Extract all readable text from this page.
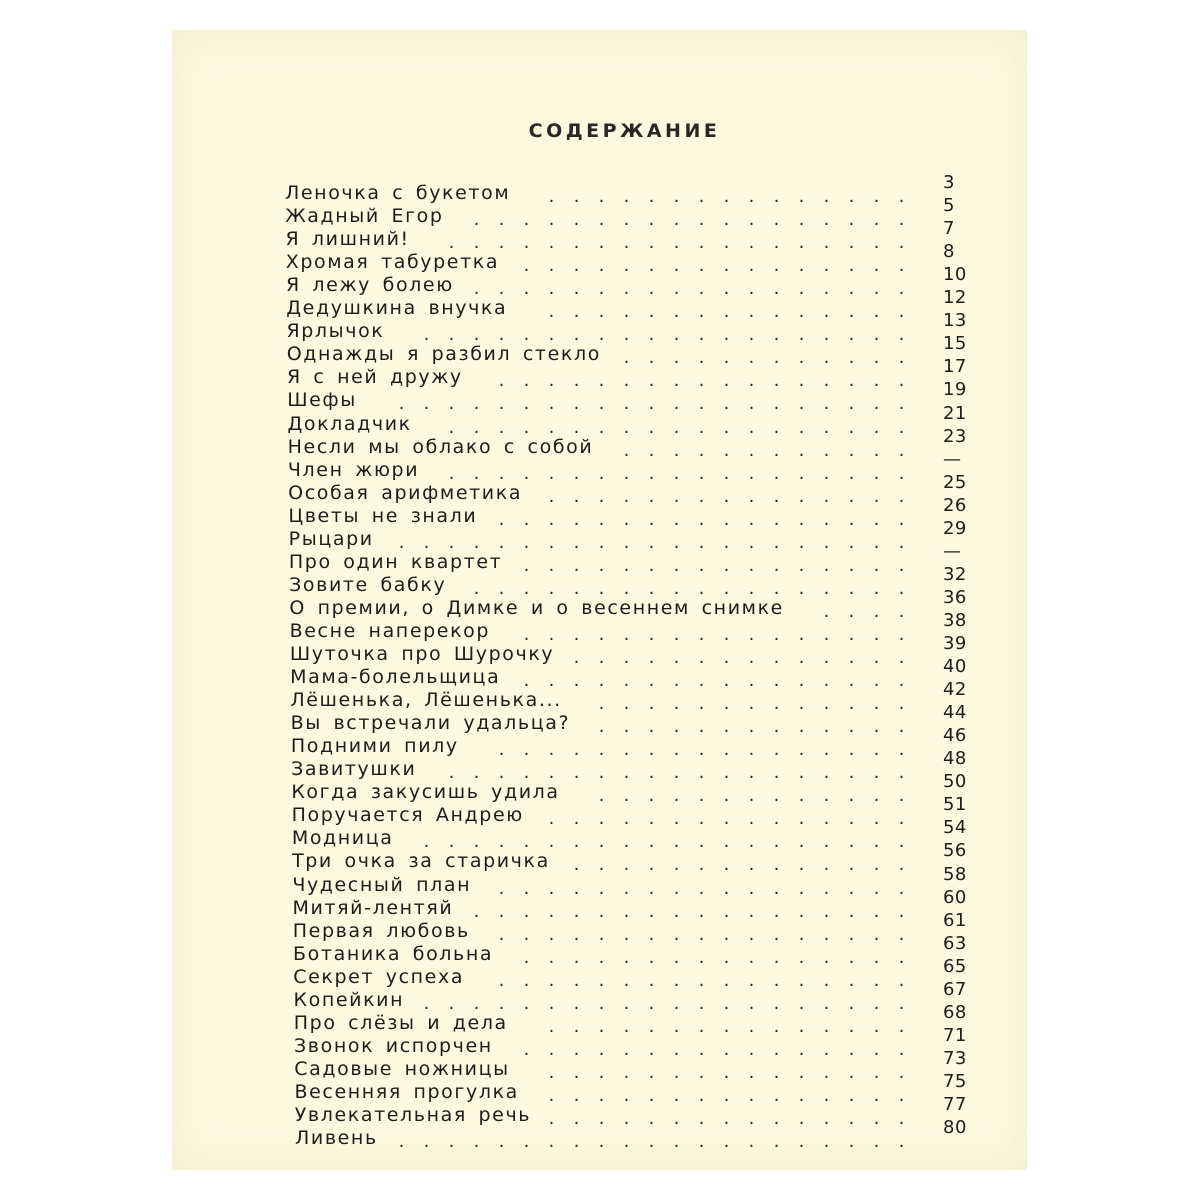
СОДЕРЖАНИЕ
Леночка с букетом	. . . . . . . . . . . . . . .
3
Жадный Егор	. . . . . . . . . . . . . . . . . .
5
Я лишний!	. . . . . . . . . . . . . . . . . . .
7
Хромая табуретка	. . . . . . . . . . . . . . . .
8
Я лежу болею	. . . . . . . . . . . . . . . . . .
10
Дедушкина внучка	. . . . . . . . . . . . . . .
12
Ярлычок	. . . . . . . . . . . . . . . . . . . .
13
Однажды я разбил стекло	. . . . . . . . . . . .
15
Я с ней дружу	. . . . . . . . . . . . . . . . .
17
Шефы	. . . . . . . . . . . . . . . . . . . . .
19
Докладчик	. . . . . . . . . . . . . . . . . . .
21
Несли мы облако с собой	. . . . . . . . . . . .
23
Член жюри	. . . . . . . . . . . . . . . . . . .
—
Особая арифметика	. . . . . . . . . . . . . . .
25
Цветы не знали	. . . . . . . . . . . . . . . . .
26
Рыцари	. . . . . . . . . . . . . . . . . . . . .
29
Про один квартет	. . . . . . . . . . . . . . . .
—
Зовите бабку	. . . . . . . . . . . . . . . . . .
32
О премии, о Димке и о весеннем снимке	. . . .
36
Весне наперекор	. . . . . . . . . . . . . . . .
38
Шуточка про Шурочку	. . . . . . . . . . . . . .
39
Мама-болельщица	. . . . . . . . . . . . . . . .
40
Лёшенька, Лёшенька...	. . . . . . . . . . . . .
42
Вы встречали удальца?	. . . . . . . . . . . . .
44
Подними пилу	. . . . . . . . . . . . . . . . .
46
Завитушки	. . . . . . . . . . . . . . . . . . .
48
Когда закусишь удила	. . . . . . . . . . . . .
50
Поручается Андрею	. . . . . . . . . . . . . . .
51
Модница	. . . . . . . . . . . . . . . . . . . .
54
Три очка за старичка	. . . . . . . . . . . . . .
56
Чудесный план	. . . . . . . . . . . . . . . . .
58
Митяй-лентяй	. . . . . . . . . . . . . . . . . .
60
Первая любовь	. . . . . . . . . . . . . . . . .
61
Ботаника больна	. . . . . . . . . . . . . . . .
63
Секрет успеха	. . . . . . . . . . . . . . . . .
65
Копейкин	. . . . . . . . . . . . . . . . . . . .
67
Про слёзы и дела	. . . . . . . . . . . . . . .
68
Звонок испорчен	. . . . . . . . . . . . . . . .
71
Садовые ножницы	. . . . . . . . . . . . . . .
73
Весенняя прогулка	. . . . . . . . . . . . . . .
75
Увлекательная речь . . . . . . . . . . . . . . .
77
Ливень	. . . . . . . . . . . . . . . . . . . . .
80
